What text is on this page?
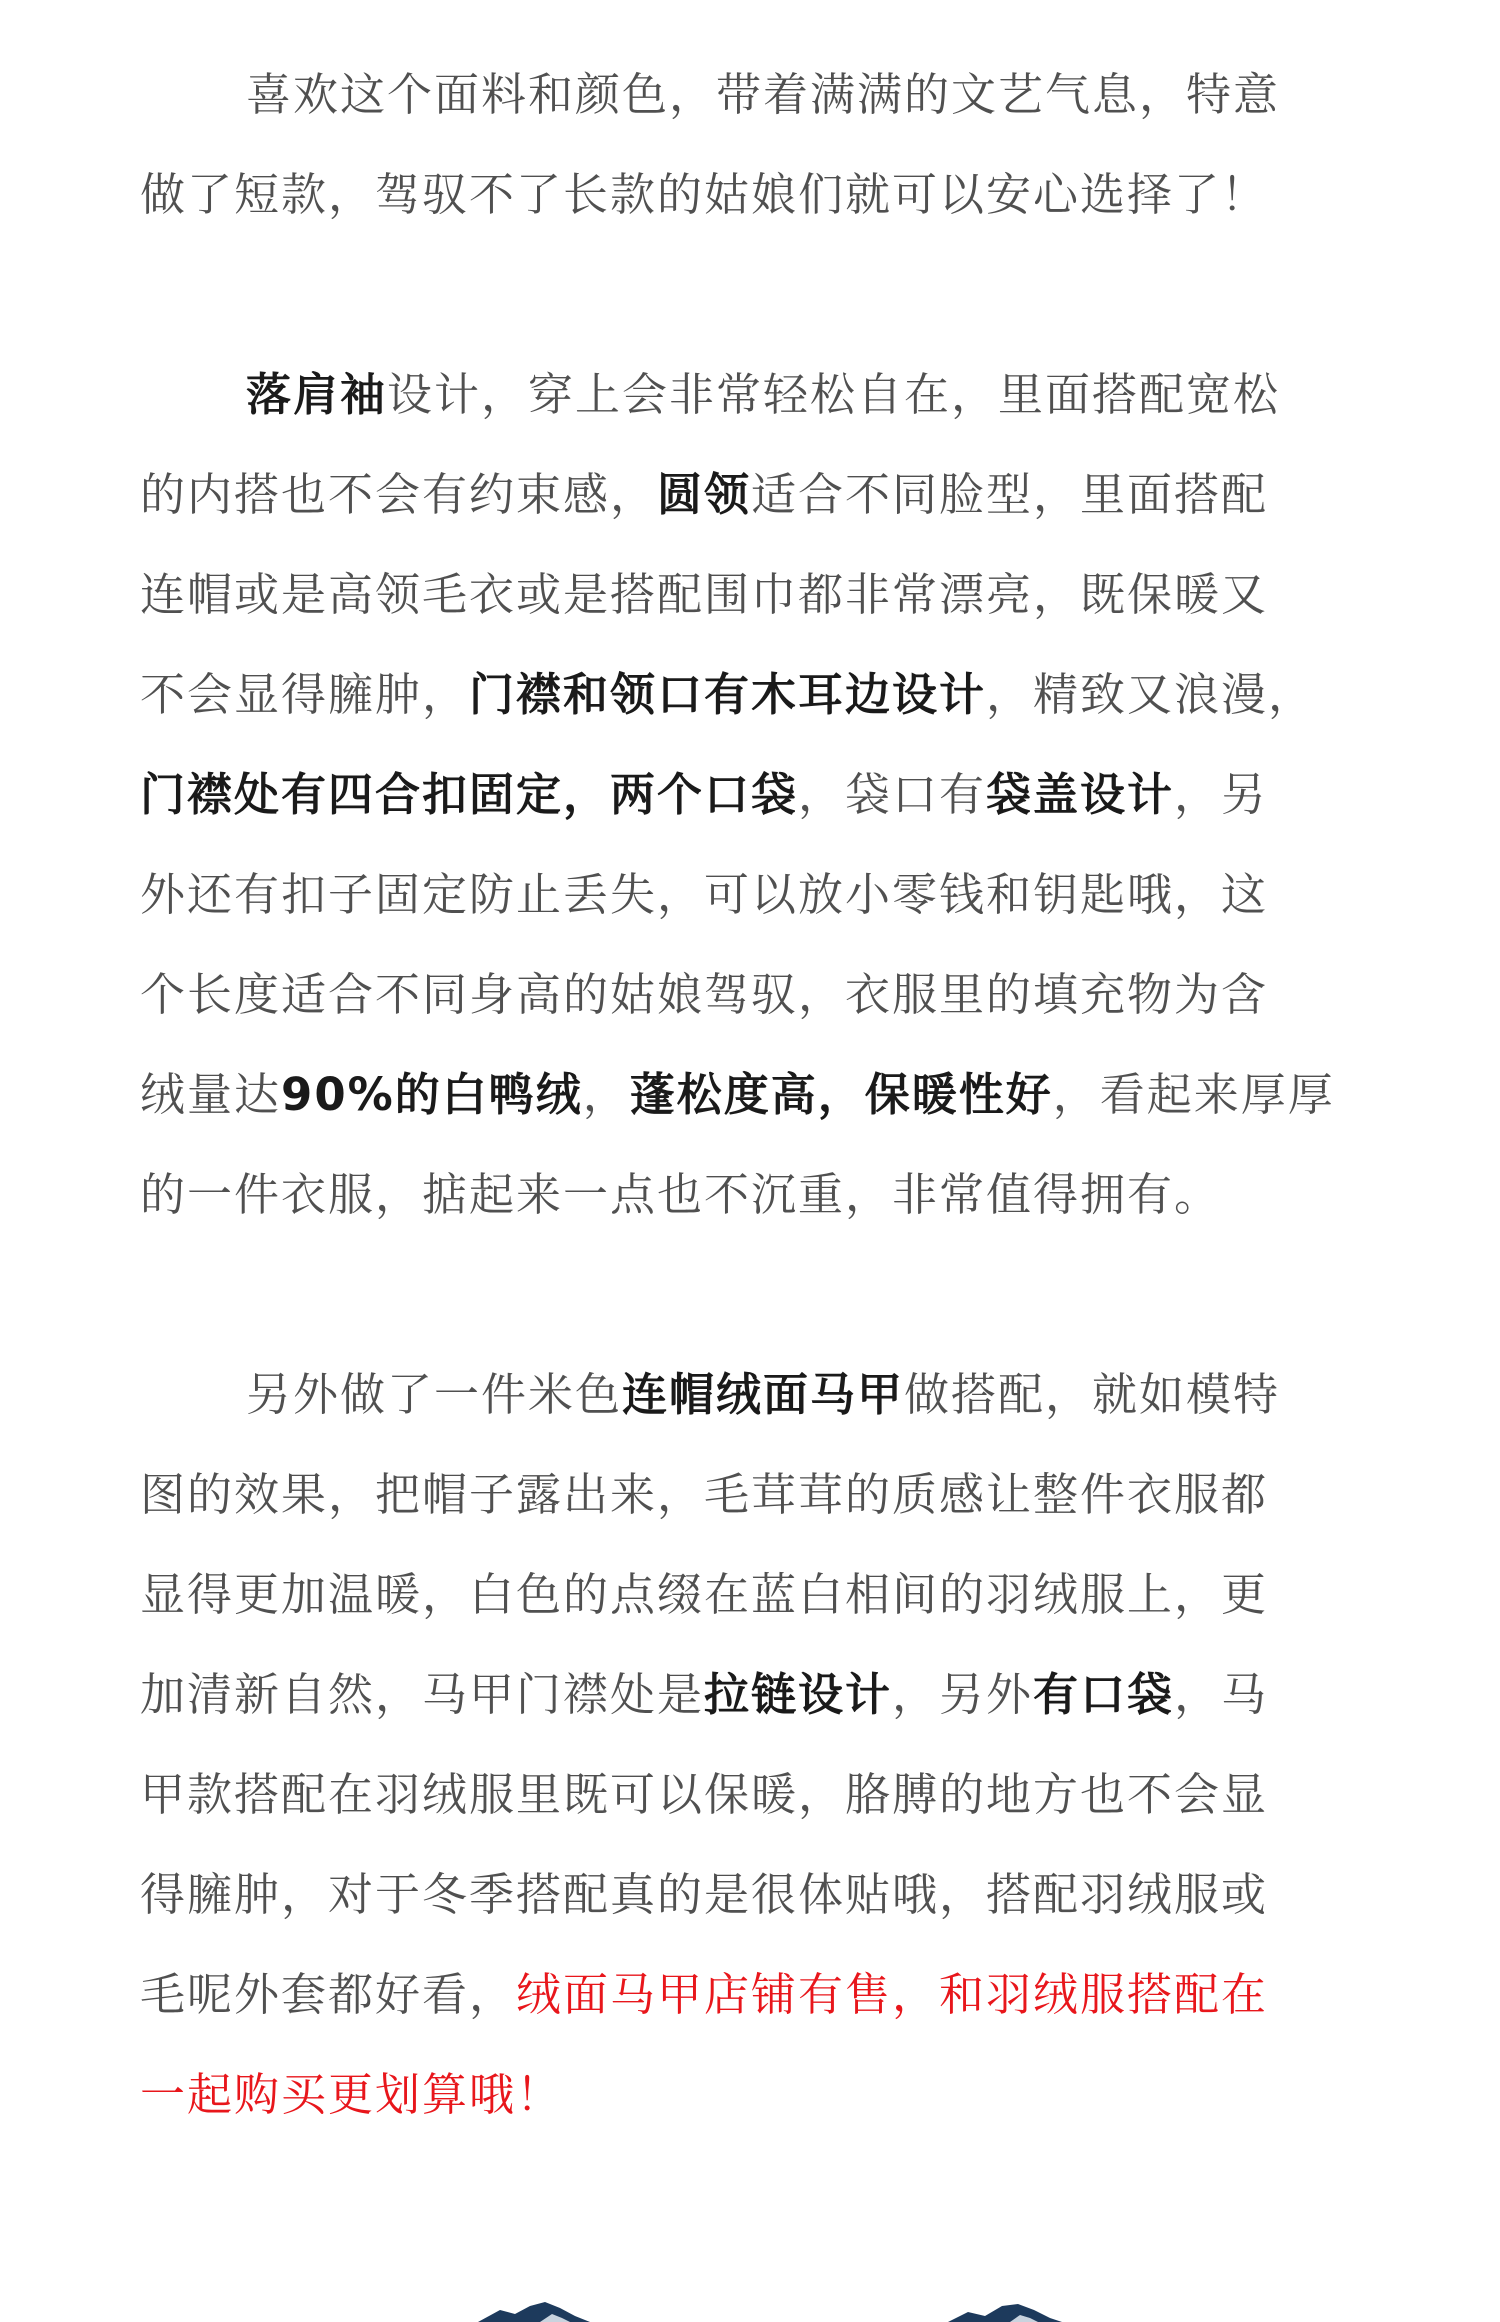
喜欢这个面料和颜色，带着满满的文艺气息，特意
做了短款，驾驭不了长款的姑娘们就可以安心选择了！
落肩袖设计，穿上会非常轻松自在，里面搭配宽松
的内搭也不会有约束感，圆领适合不同脸型，里面搭配
连帽或是高领毛衣或是搭配围巾都非常漂亮，既保暖又
不会显得臃肿，门襟和领口有木耳边设计，精致又浪漫，
门襟处有四合扣固定，两个口袋，袋口有袋盖设计，另
外还有扣子固定防止丢失，可以放小零钱和钥匙哦，这
个长度适合不同身高的姑娘驾驭，衣服里的填充物为含
绒量达90%的白鸭绒，蓬松度高，保暖性好，看起来厚厚
的一件衣服，掂起来一点也不沉重，非常值得拥有。
另外做了一件米色连帽绒面马甲做搭配，就如模特
图的效果，把帽子露出来，毛茸茸的质感让整件衣服都
显得更加温暖，白色的点缀在蓝白相间的羽绒服上，更
加清新自然，马甲门襟处是拉链设计，另外有口袋，马
甲款搭配在羽绒服里既可以保暖，胳膊的地方也不会显
得臃肿，对于冬季搭配真的是很体贴哦，搭配羽绒服或
毛呢外套都好看，绒面马甲店铺有售，和羽绒服搭配在
一起购买更划算哦！
